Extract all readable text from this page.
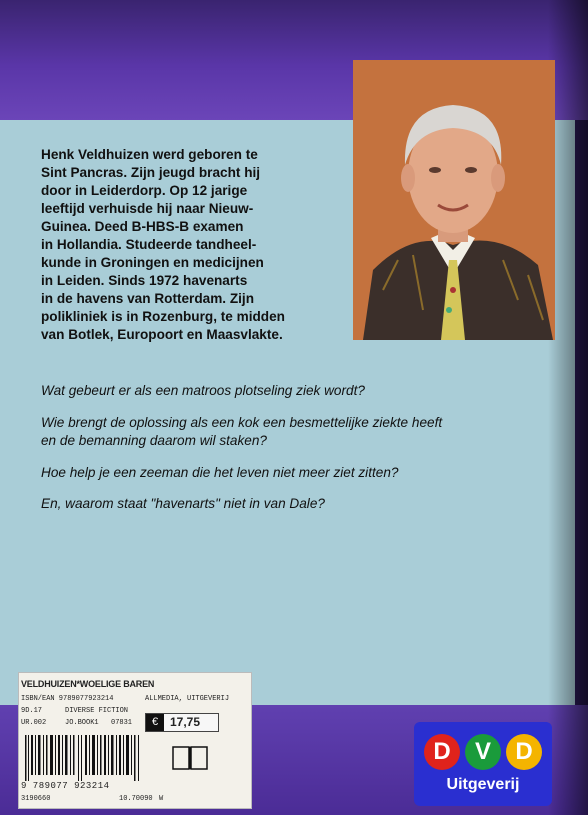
Henk Veldhuizen werd geboren te
Sint Pancras. Zijn jeugd bracht hij
door in Leiderdorp. Op 12 jarige
leeftijd verhuisde hij naar Nieuw-
Guinea. Deed B-HBS-B examen
in Hollandia. Studeerde tandheel-
kunde in Groningen en medicijnen
in Leiden. Sinds 1972 havenarts
in de havens van Rotterdam. Zijn
polikliniek is in Rozenburg, te midden
van Botlek, Europoort en Maasvlakte.

Wat gebeurt er als een matroos plotseling ziek wordt?

Wie brengt de oplossing als een kok een besmettelijke ziekte heeft
en de bemanning daarom wil staken?

Hoe help je een zeeman die het leven niet meer ziet zitten?

En, waarom staat "havenarts" niet in van Dale?

VELDHUIZEN*WOELIGE BAREN
ISBN/EAN 9789077923214	ALLMEDIA, UITGEVERIJ
9D.17	DIVERSE FICTION
UR.002	JO.BOOK1 07831	€ 17,75
9 789077 923214
3190660	10.70090 W
D	V	D
Uitgeverij
